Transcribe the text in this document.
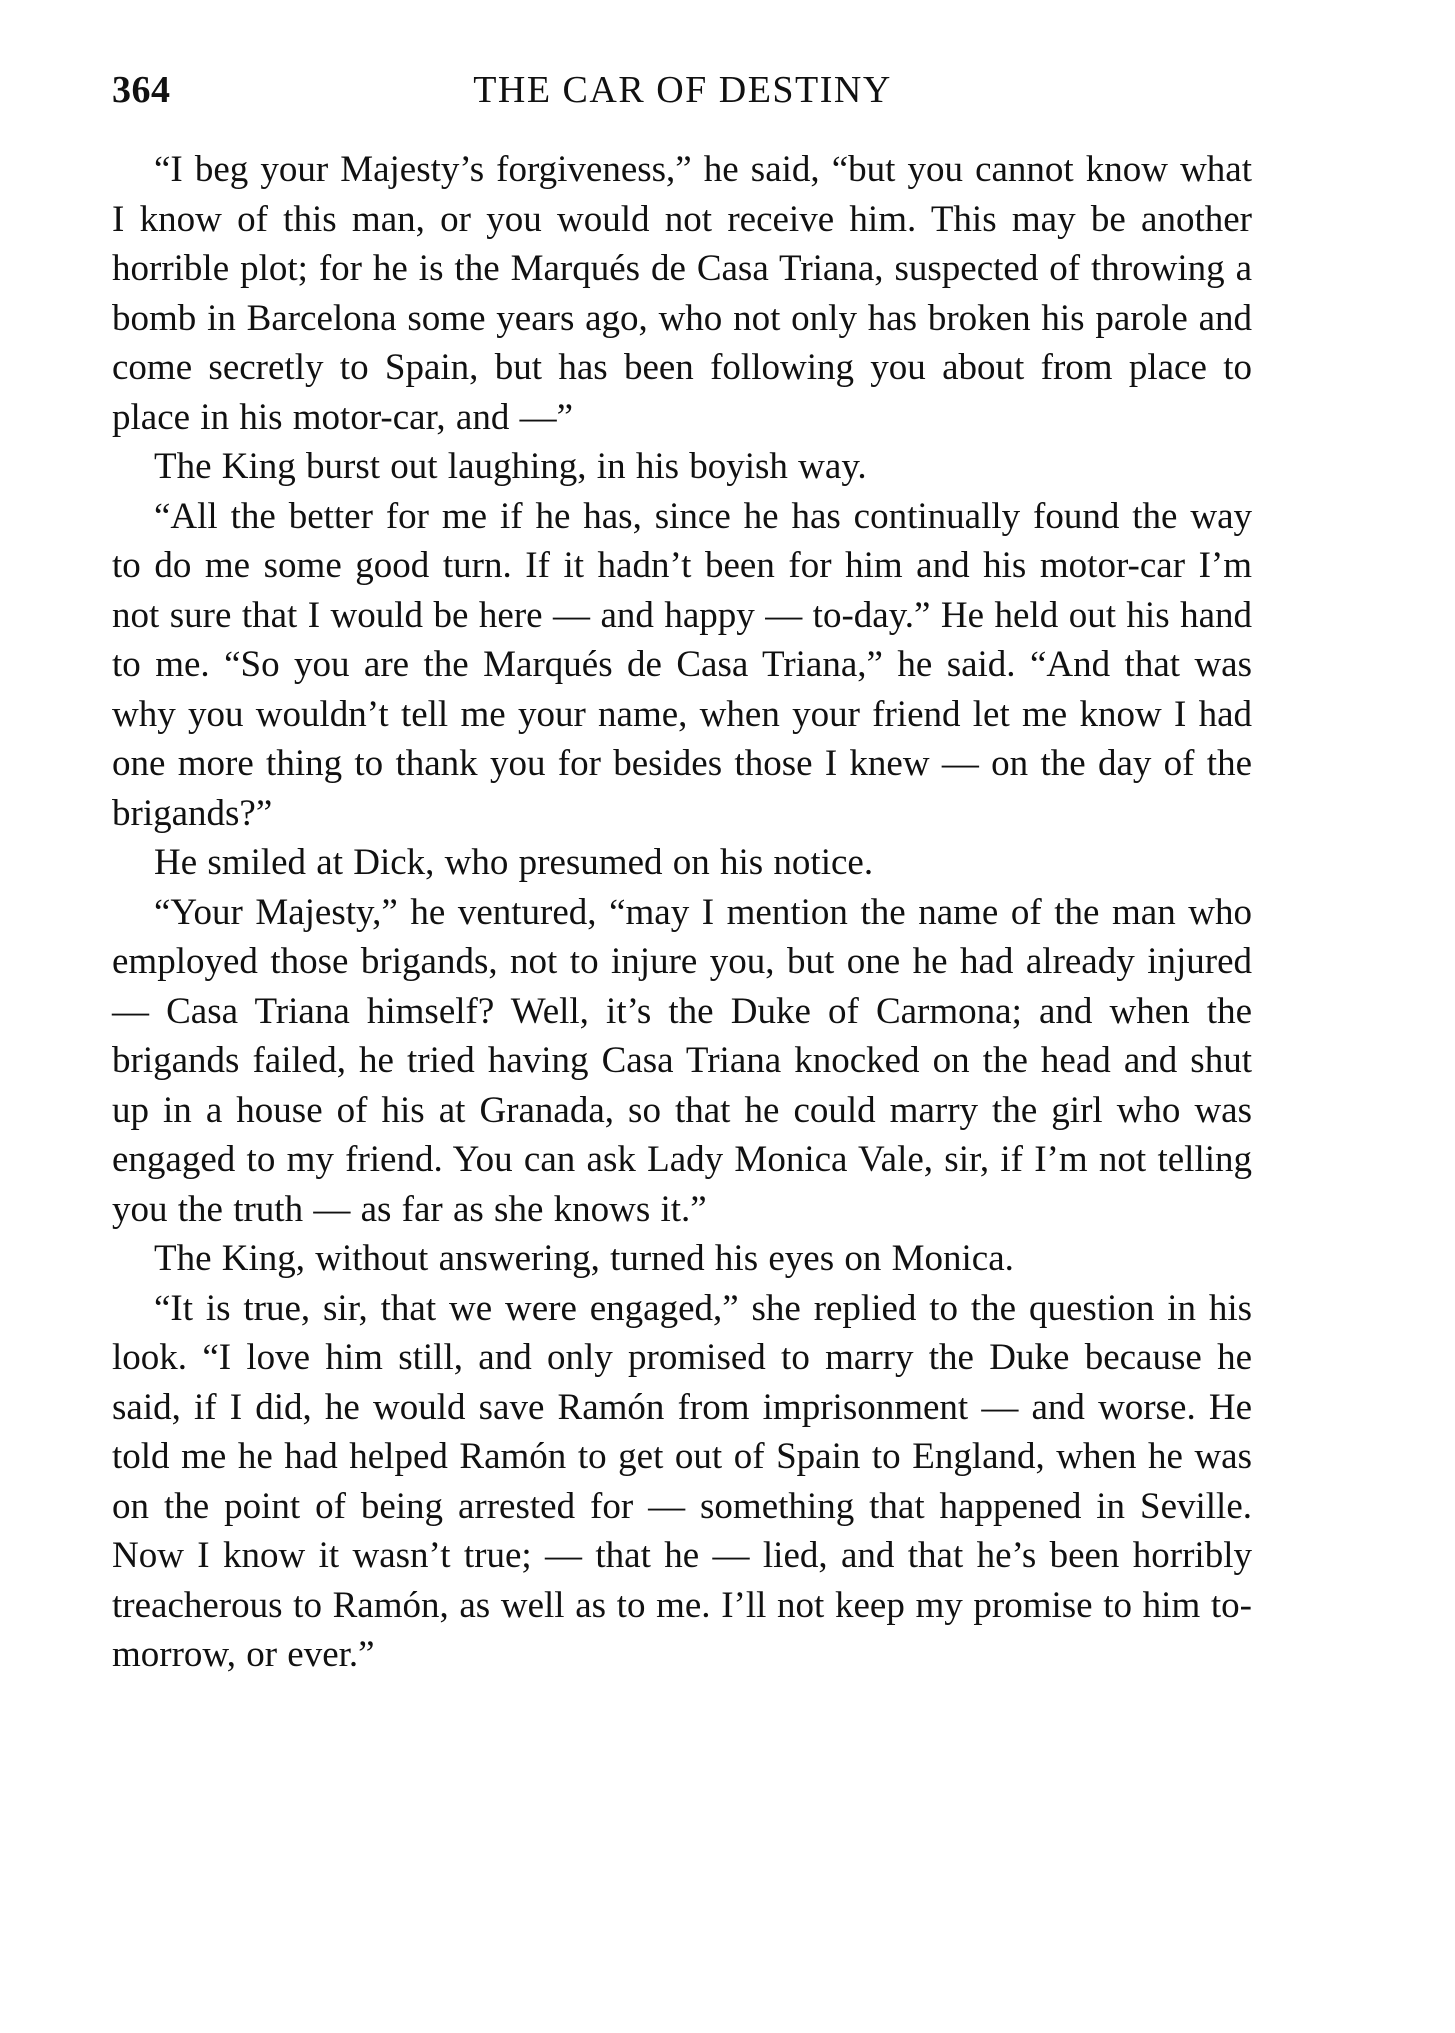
364	THE CAR OF DESTINY

“I beg your Majesty’s forgiveness,” he said, “but you cannot know what I know of this man, or you would not receive him. This may be another horrible plot; for he is the Marqués de Casa Triana, suspected of throwing a bomb in Barcelona some years ago, who not only has broken his parole and come secretly to Spain, but has been following you about from place to place in his motor-car, and —”

The King burst out laughing, in his boyish way.

“All the better for me if he has, since he has continually found the way to do me some good turn. If it hadn’t been for him and his motor-car I’m not sure that I would be here — and happy — to-day.” He held out his hand to me. “So you are the Marqués de Casa Triana,” he said. “And that was why you wouldn’t tell me your name, when your friend let me know I had one more thing to thank you for besides those I knew — on the day of the brigands?”

He smiled at Dick, who presumed on his notice.

“Your Majesty,” he ventured, “may I mention the name of the man who employed those brigands, not to injure you, but one he had already injured — Casa Triana himself? Well, it’s the Duke of Carmona; and when the brigands failed, he tried having Casa Triana knocked on the head and shut up in a house of his at Granada, so that he could marry the girl who was engaged to my friend. You can ask Lady Monica Vale, sir, if I’m not telling you the truth — as far as she knows it.”

The King, without answering, turned his eyes on Monica.

“It is true, sir, that we were engaged,” she replied to the question in his look. “I love him still, and only promised to marry the Duke because he said, if I did, he would save Ramón from imprisonment — and worse. He told me he had helped Ramón to get out of Spain to England, when he was on the point of being arrested for — something that happened in Seville. Now I know it wasn’t true; — that he — lied, and that he’s been horribly treacherous to Ramón, as well as to me. I’ll not keep my promise to him to-morrow, or ever.”
